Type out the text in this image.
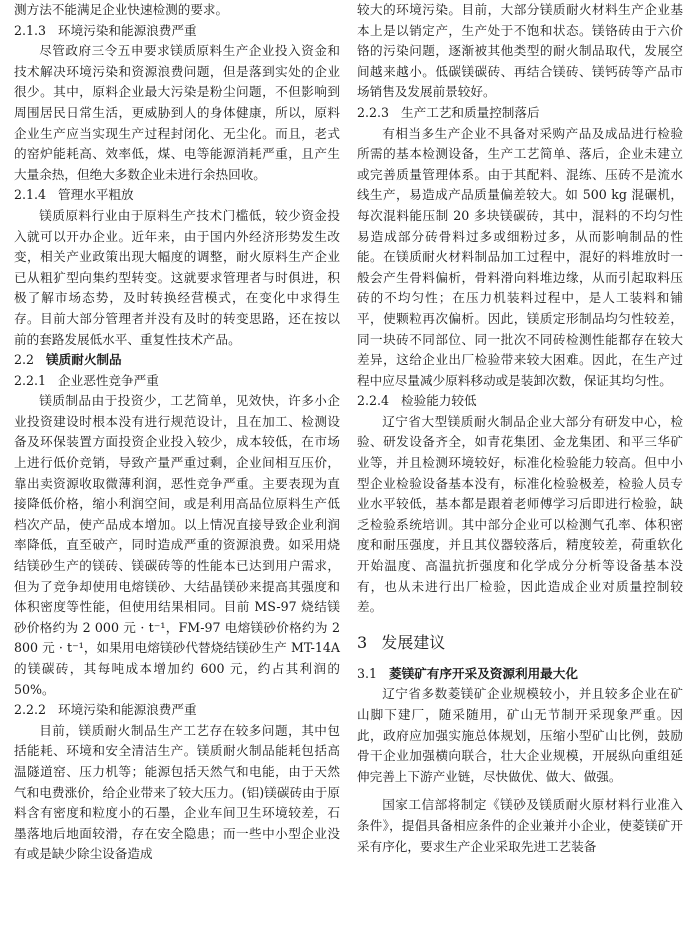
测方法不能满足企业快速检测的要求。

2.1.3 环境污染和能源浪费严重

尽管政府三令五申要求镁质原料生产企业投入资金和技术解决环境污染和资源浪费问题，但是落到实处的企业很少。其中，原料企业最大污染是粉尘问题，不但影响到周围居民日常生活，更威胁到人的身体健康，所以，原料企业生产应当实现生产过程封闭化、无尘化。而且，老式的窑炉能耗高、效率低，煤、电等能源消耗严重，且产生大量余热，但绝大多数企业未进行余热回收。

2.1.4 管理水平粗放

镁质原料行业由于原料生产技术门槛低，较少资金投入就可以开办企业。近年来，由于国内外经济形势发生改变，相关产业政策出现大幅度的调整，耐火原料生产企业已从粗犷型向集约型转变。这就要求管理者与时俱进，积极了解市场态势，及时转换经营模式，在变化中求得生存。目前大部分管理者并没有及时的转变思路，还在按以前的套路发展低水平、重复性技术产品。

2.2 镁质耐火制品

2.2.1 企业恶性竞争严重

镁质制品由于投资少，工艺简单，见效快，许多小企业投资建设时根本没有进行规范设计，且在加工、检测设备及环保装置方面投资企业投入较少，成本较低，在市场上进行低价竞销，导致产量严重过剩，企业间相互压价，靠出卖资源收取微薄利润，恶性竞争严重。主要表现为直接降低价格，缩小利润空间，或是利用高品位原料生产低档次产品，使产品成本增加。以上情况直接导致企业利润率降低，直至破产，同时造成严重的资源浪费。如采用烧结镁砂生产的镁砖、镁碳砖等的性能本已达到用户需求，但为了竞争却使用电熔镁砂、大结晶镁砂来提高其强度和体积密度等性能，但使用结果相同。目前 MS-97 烧结镁砂价格约为 2 000 元 · t⁻¹，FM-97 电熔镁砂价格约为 2 800 元 · t⁻¹，如果用电熔镁砂代替烧结镁砂生产 MT-14A 的镁碳砖，其每吨成本增加约 600 元，约占其利润的 50%。

2.2.2 环境污染和能源浪费严重

目前，镁质耐火制品生产工艺存在较多问题，其中包括能耗、环境和安全清洁生产。镁质耐火制品能耗包括高温隧道窑、压力机等；能源包括天然气和电能，由于天然气和电费涨价，给企业带来了较大压力。(铝)镁碳砖由于原料含有密度和粒度小的石墨，企业车间卫生环境较差，石墨落地后地面较滑，存在安全隐患；而一些中小型企业没有或是缺少除尘设备造成

较大的环境污染。目前，大部分镁质耐火材料生产企业基本上是以销定产，生产处于不饱和状态。镁铬砖由于六价铬的污染问题，逐渐被其他类型的耐火制品取代，发展空间越来越小。低碳镁碳砖、再结合镁砖、镁钙砖等产品市场销售及发展前景较好。

2.2.3 生产工艺和质量控制落后

有相当多生产企业不具备对采购产品及成品进行检验所需的基本检测设备，生产工艺简单、落后，企业未建立或完善质量管理体系。由于其配料、混练、压砖不是流水线生产，易造成产品质量偏差较大。如 500 kg 混碾机，每次混料能压制 20 多块镁碳砖，其中，混料的不均匀性易造成部分砖骨料过多或细粉过多，从而影响制品的性能。在镁质耐火材料制品加工过程中，混好的料堆放时一般会产生骨料偏析，骨料滑向料堆边缘，从而引起取料压砖的不均匀性；在压力机装料过程中，是人工装料和铺平，使颗粒再次偏析。因此，镁质定形制品均匀性较差，同一块砖不同部位、同一批次不同砖检测性能都存在较大差异，这给企业出厂检验带来较大困难。因此，在生产过程中应尽量减少原料移动或是装卸次数，保证其均匀性。

2.2.4 检验能力较低

辽宁省大型镁质耐火制品企业大部分有研发中心，检验、研发设备齐全，如青花集团、金龙集团、和平三华矿业等，并且检测环境较好，标准化检验能力较高。但中小型企业检验设备基本没有，标准化检验极差，检验人员专业水平较低，基本都是跟着老师傅学习后即进行检验，缺乏检验系统培训。其中部分企业可以检测气孔率、体积密度和耐压强度，并且其仪器较落后，精度较差，荷重软化开始温度、高温抗折强度和化学成分分析等设备基本没有，也从未进行出厂检验，因此造成企业对质量控制较差。

3 发展建议

3.1 菱镁矿有序开采及资源利用最大化

辽宁省多数菱镁矿企业规模较小，并且较多企业在矿山脚下建厂，随采随用，矿山无节制开采现象严重。因此，政府应加强实施总体规划，压缩小型矿山比例，鼓励骨干企业加强横向联合，壮大企业规模，开展纵向重组延伸完善上下游产业链，尽快做优、做大、做强。

国家工信部将制定《镁砂及镁质耐火原材料行业准入条件》，提倡具备相应条件的企业兼并小企业，使菱镁矿开采有序化，要求生产企业采取先进工艺装备
